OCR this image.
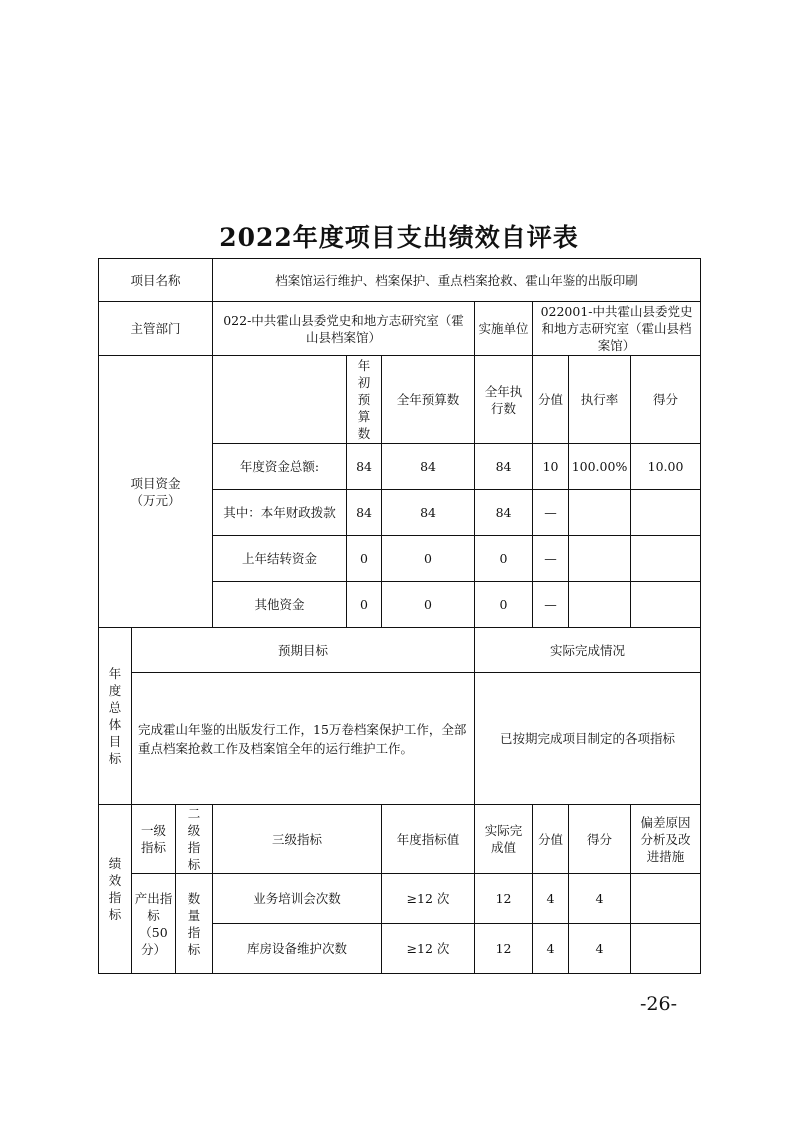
2022年度项目支出绩效自评表
项目名称			档案馆运行维护、档案保护、重点档案抢救、霍山年鉴的出版印刷						
主管部门			022-中共霍山县委党史和地方志研究室（霍山县档案馆）			实施单位	022001-中共霍山县委党史和地方志研究室（霍山县档案馆）		

项目资金（万元）				年初预算数	全年预算数	全年执行数	分值	执行率	得分
			年度资金总额:	84	84	84	10	100.00%	10.00
			其中：本年财政拨款	84	84	84	—		
			上年结转资金	0	0	0	—		
			其他资金	0	0	0	—		

年度总体目标	预期目标					实际完成情况			
	完成霍山年鉴的出版发行工作，15万卷档案保护工作，全部重点档案抢救工作及档案馆全年的运行维护工作。					已按期完成项目制定的各项指标			

绩效指标	一级指标	二级指标	三级指标		年度指标值	实际完成值	分值	得分	偏差原因分析及改进措施
	产出指标（50分）	数量指标	业务培训会次数		≥12 次	12	4	4	
			库房设备维护次数		≥12 次	12	4	4	
-26-
